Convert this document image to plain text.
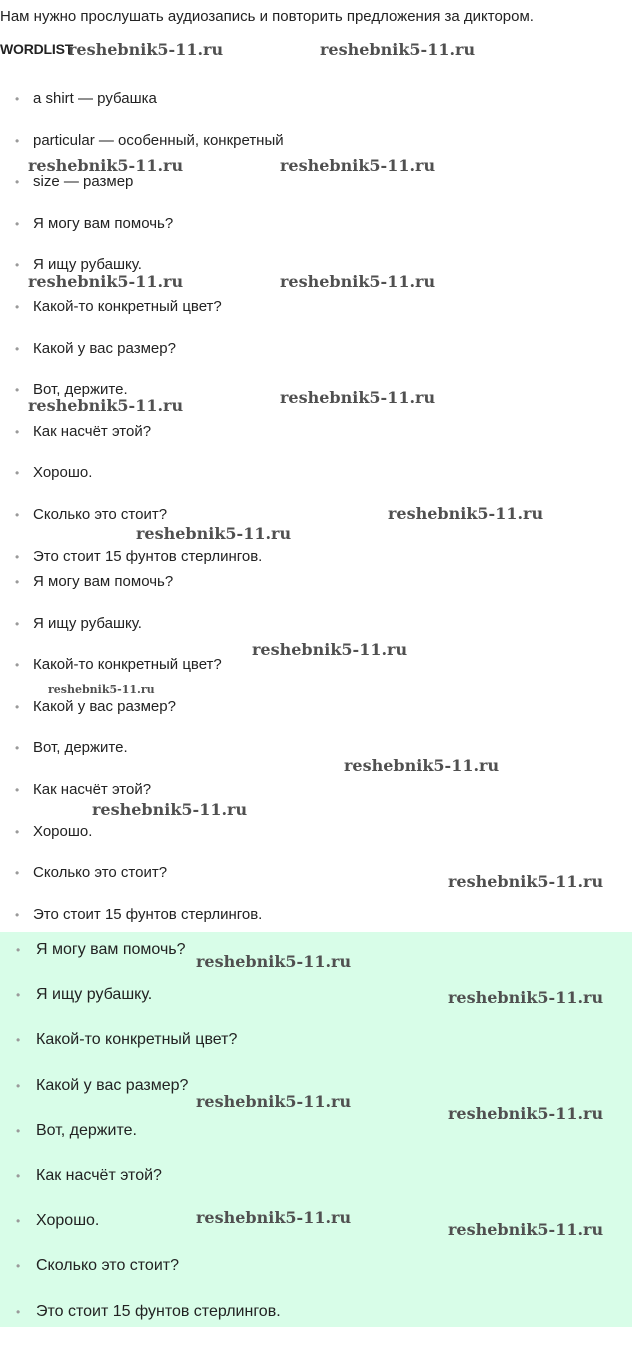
Нам нужно прослушать аудиозапись и повторить предложения за диктором.
WORDLIST
• a shirt — рубашка
• particular — особенный, конкретный
• size — размер
• Я могу вам помочь?
• Я ищу рубашку.
• Какой-то конкретный цвет?
• Какой у вас размер?
• Вот, держите.
• Как насчёт этой?
• Хорошо.
• Сколько это стоит?
• Это стоит 15 фунтов стерлингов.
• Я могу вам помочь?
• Я ищу рубашку.
• Какой-то конкретный цвет?
• Какой у вас размер?
• Вот, держите.
• Как насчёт этой?
• Хорошо.
• Сколько это стоит?
• Это стоит 15 фунтов стерлингов.
• Я могу вам помочь?
• Я ищу рубашку.
• Какой-то конкретный цвет?
• Какой у вас размер?
• Вот, держите.
• Как насчёт этой?
• Хорошо.
• Сколько это стоит?
• Это стоит 15 фунтов стерлингов.
reshebnik5-11.ru	reshebnik5-11.ru
reshebnik5-11.ru	reshebnik5-11.ru
reshebnik5-11.ru	reshebnik5-11.ru
reshebnik5-11.ru	reshebnik5-11.ru
reshebnik5-11.ru
reshebnik5-11.ru
reshebnik5-11.ru
reshebnik5-11.ru
reshebnik5-11.ru
reshebnik5-11.ru
reshebnik5-11.ru
reshebnik5-11.ru
reshebnik5-11.ru
reshebnik5-11.ru
reshebnik5-11.ru
reshebnik5-11.ru
reshebnik5-11.ru
